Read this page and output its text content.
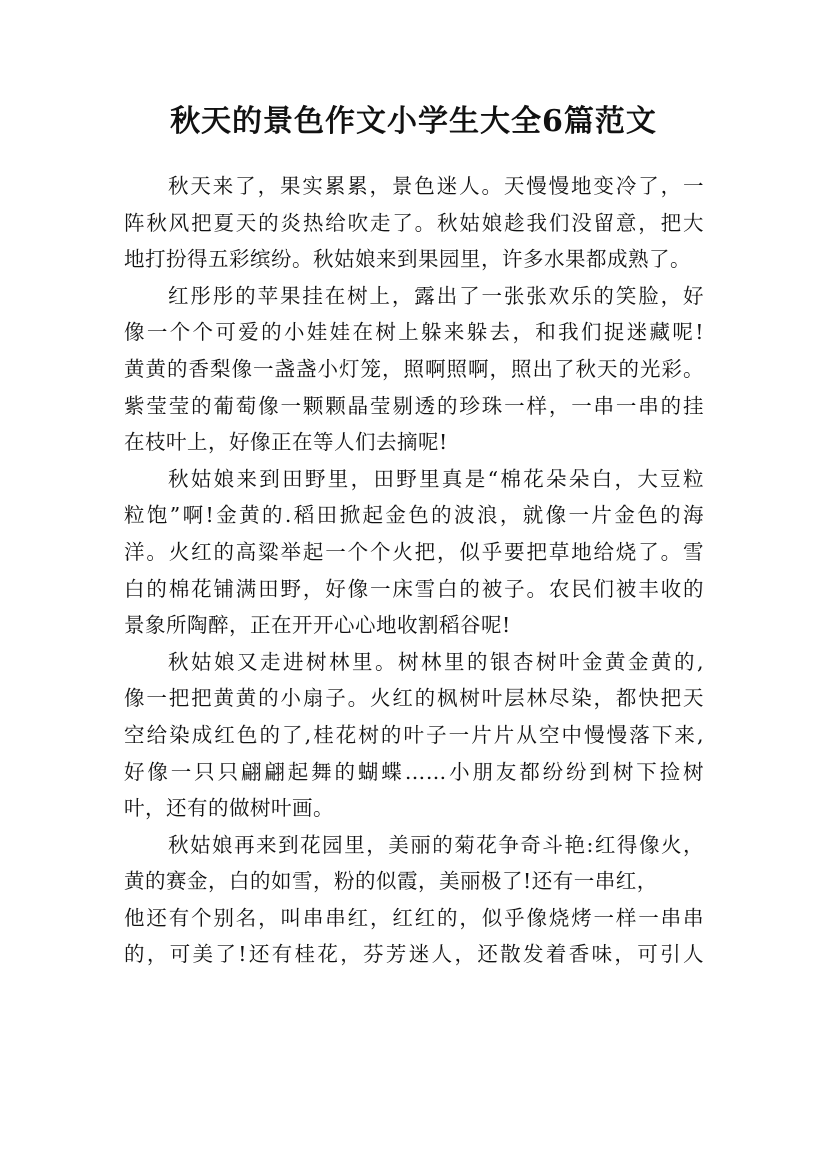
秋天的景色作文小学生大全6篇范文
秋天来了，果实累累，景色迷人。天慢慢地变冷了，一
阵秋风把夏天的炎热给吹走了。秋姑娘趁我们没留意，把大
地打扮得五彩缤纷。秋姑娘来到果园里，许多水果都成熟了。
红彤彤的苹果挂在树上，露出了一张张欢乐的笑脸，好
像一个个可爱的小娃娃在树上躲来躲去，和我们捉迷藏呢!
黄黄的香梨像一盏盏小灯笼，照啊照啊，照出了秋天的光彩。
紫莹莹的葡萄像一颗颗晶莹剔透的珍珠一样，一串一串的挂
在枝叶上，好像正在等人们去摘呢!
秋姑娘来到田野里，田野里真是“棉花朵朵白，大豆粒
粒饱”啊!金黄的.稻田掀起金色的波浪，就像一片金色的海
洋。火红的高粱举起一个个火把，似乎要把草地给烧了。雪
白的棉花铺满田野，好像一床雪白的被子。农民们被丰收的
景象所陶醉，正在开开心心地收割稻谷呢!
秋姑娘又走进树林里。树林里的银杏树叶金黄金黄的,
像一把把黄黄的小扇子。火红的枫树叶层林尽染，都快把天
空给染成红色的了,桂花树的叶子一片片从空中慢慢落下来,
好像一只只翩翩起舞的蝴蝶……小朋友都纷纷到树下捡树
叶，还有的做树叶画。
秋姑娘再来到花园里，美丽的菊花争奇斗艳:红得像火，
黄的赛金，白的如雪，粉的似霞，美丽极了!还有一串红，
他还有个别名，叫串串红，红红的，似乎像烧烤一样一串串
的，可美了!还有桂花，芬芳迷人，还散发着香味，可引人
